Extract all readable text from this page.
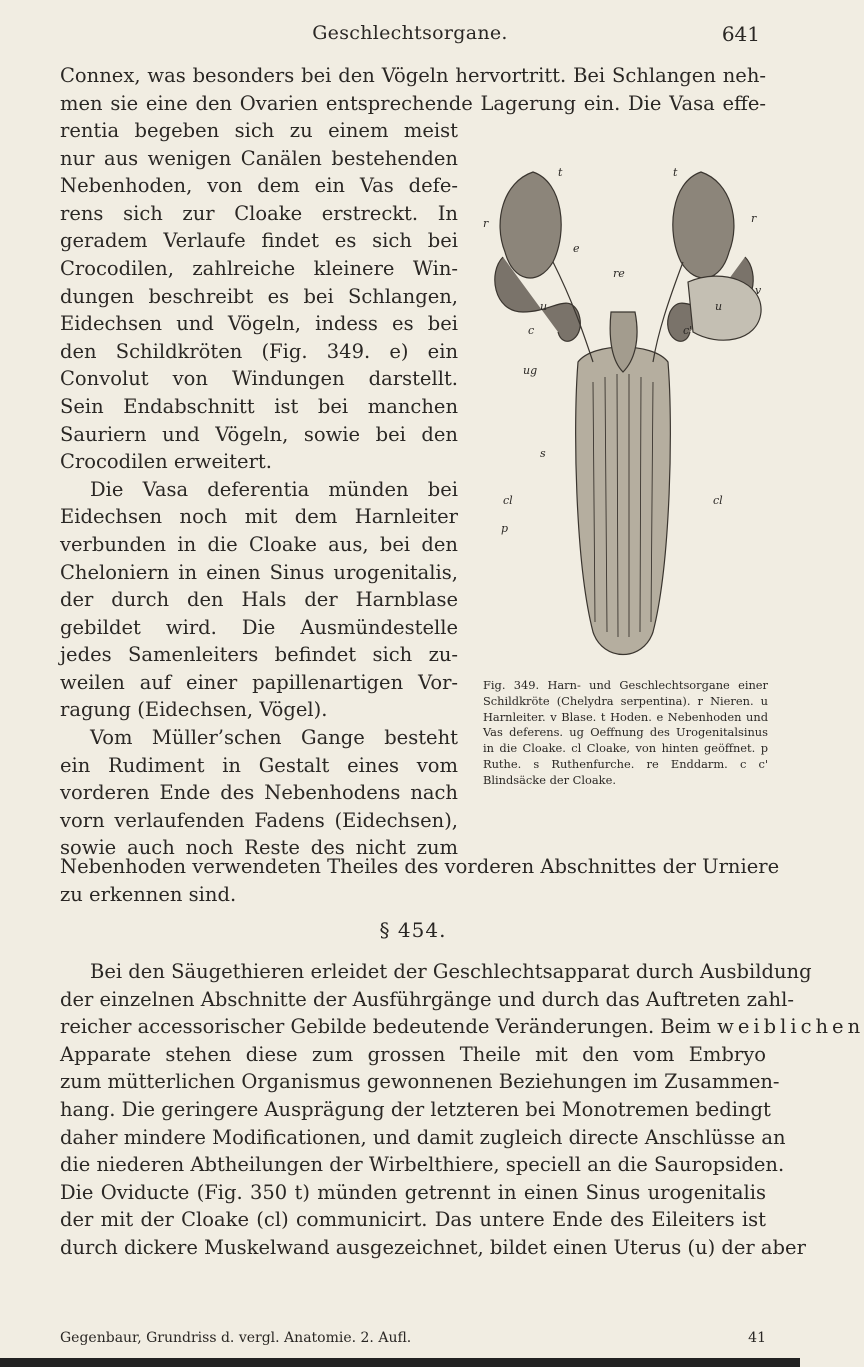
Geschlechtsorgane.	641
Connex, was besonders bei den Vögeln hervortritt. Bei Schlangen neh-
men sie eine den Ovarien entsprechende Lagerung ein. Die Vasa effe-
rentia begeben sich zu einem meist
nur aus wenigen Canälen bestehenden
Nebenhoden, von dem ein Vas defe-
rens sich zur Cloake erstreckt. In
geradem Verlaufe findet es sich bei
Crocodilen, zahlreiche kleinere Win-
dungen beschreibt es bei Schlangen,
Eidechsen und Vögeln, indess es bei
den Schildkröten (Fig. 349. e) ein
Convolut von Windungen darstellt.
Sein Endabschnitt ist bei manchen
Sauriern und Vögeln, sowie bei den
Crocodilen erweitert.
Die Vasa deferentia münden bei
Eidechsen noch mit dem Harnleiter
verbunden in die Cloake aus, bei den
Cheloniern in einen Sinus urogenitalis,
der durch den Hals der Harnblase
gebildet wird. Die Ausmündestelle
jedes Samenleiters befindet sich zu-
weilen auf einer papillenartigen Vor-
ragung (Eidechsen, Vögel).
Vom Müller’schen Gange besteht
ein Rudiment in Gestalt eines vom
vorderen Ende des Nebenhodens nach
vorn verlaufenden Fadens (Eidechsen),
sowie auch noch Reste des nicht zum
t	t
r	r
e
re
v
u	u
c	c'
ug
s
cl	cl
p
Fig. 349. Harn- und Geschlechtsorgane einer Schildkröte (Chelydra serpentina). r Nieren. u Harnleiter. v Blase. t Hoden. e Nebenhoden und Vas deferens. ug Oeffnung des Urogenitalsinus in die Cloake. cl Cloake, von hinten geöffnet. p Ruthe. s Ruthenfurche. re Enddarm. c c' Blindsäcke der Cloake.
Nebenhoden verwendeten Theiles des vorderen Abschnittes der Urniere
zu erkennen sind.
§ 454.
Bei den Säugethieren erleidet der Geschlechtsapparat durch Ausbildung
der einzelnen Abschnitte der Ausführgänge und durch das Auftreten zahl-
reicher accessorischer Gebilde bedeutende Veränderungen. Beim weiblichen
Apparate stehen diese zum grossen Theile mit den vom Embryo
zum mütterlichen Organismus gewonnenen Beziehungen im Zusammen-
hang. Die geringere Ausprägung der letzteren bei Monotremen bedingt
daher mindere Modificationen, und damit zugleich directe Anschlüsse an
die niederen Abtheilungen der Wirbelthiere, speciell an die Sauropsiden.
Die Oviducte (Fig. 350 t) münden getrennt in einen Sinus urogenitalis
der mit der Cloake (cl) communicirt. Das untere Ende des Eileiters ist
durch dickere Muskelwand ausgezeichnet, bildet einen Uterus (u) der aber
Gegenbaur, Grundriss d. vergl. Anatomie. 2. Aufl.	41
